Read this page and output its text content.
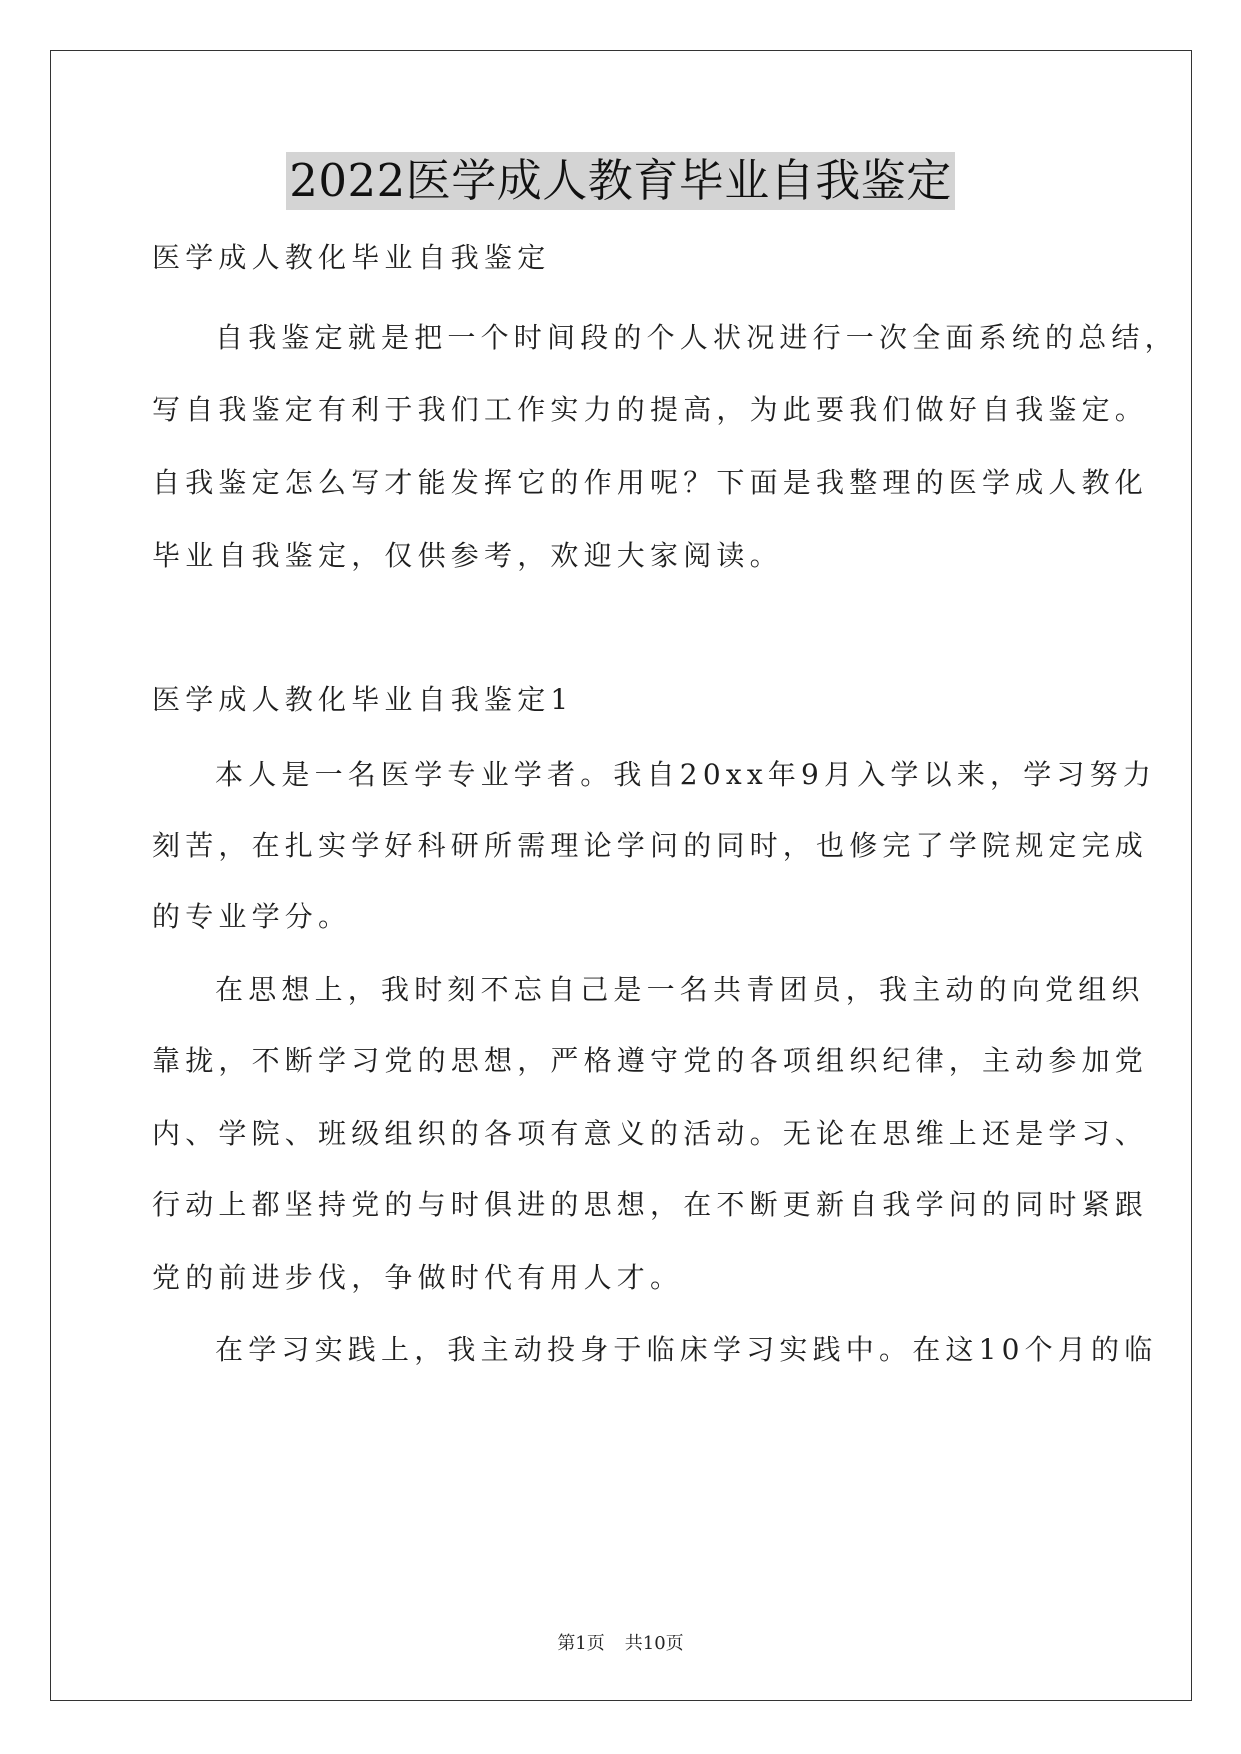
2022医学成人教育毕业自我鉴定
医学成人教化毕业自我鉴定
自我鉴定就是把一个时间段的个人状况进行一次全面系统的总结，
写自我鉴定有利于我们工作实力的提高，为此要我们做好自我鉴定。
自我鉴定怎么写才能发挥它的作用呢？下面是我整理的医学成人教化
毕业自我鉴定，仅供参考，欢迎大家阅读。
医学成人教化毕业自我鉴定1
本人是一名医学专业学者。我自20xx年9月入学以来，学习努力
刻苦，在扎实学好科研所需理论学问的同时，也修完了学院规定完成
的专业学分。
在思想上，我时刻不忘自己是一名共青团员，我主动的向党组织
靠拢，不断学习党的思想，严格遵守党的各项组织纪律，主动参加党
内、学院、班级组织的各项有意义的活动。无论在思维上还是学习、
行动上都坚持党的与时俱进的思想，在不断更新自我学问的同时紧跟
党的前进步伐，争做时代有用人才。
在学习实践上，我主动投身于临床学习实践中。在这10个月的临
第1页 共10页
